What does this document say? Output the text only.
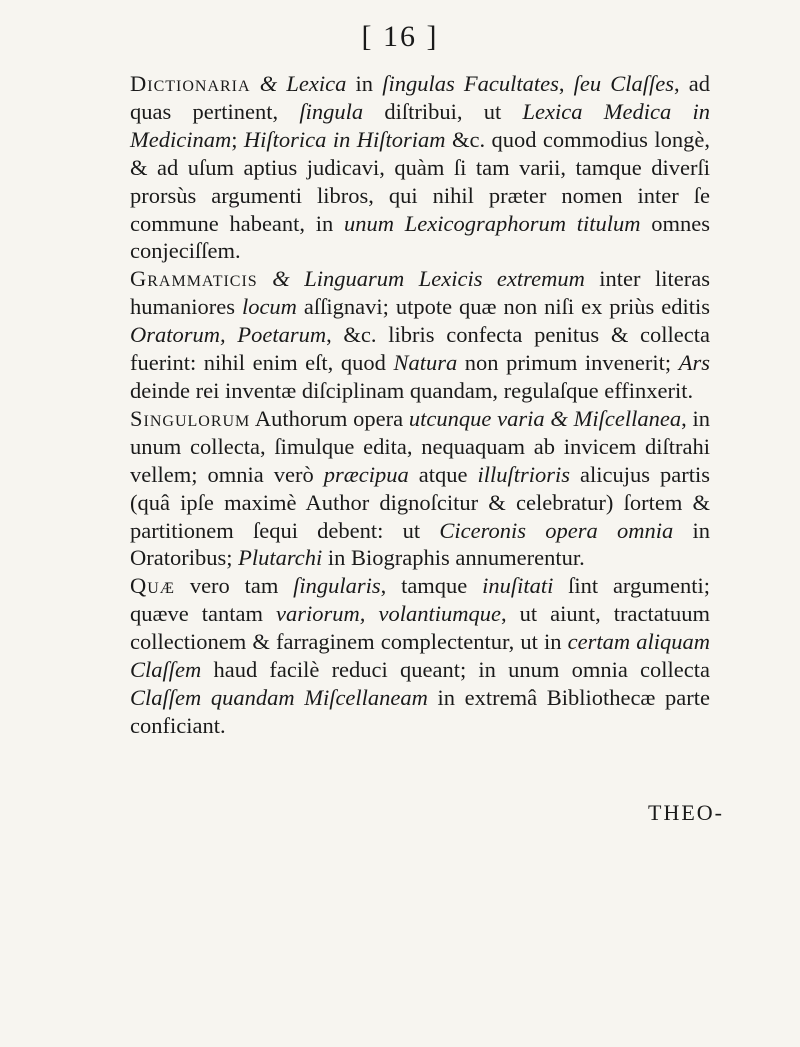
[ 16 ]

Dictionaria & Lexica in ſingulas Facultates, ſeu Claſſes, ad quas pertinent, ſingula diſtribui, ut Lexica Medica in Medicinam; Hiſtorica in Hiſtoriam &c. quod commodius longè, & ad uſum aptius judicavi, quàm ſi tam varii, tamque diverſi prorsùs argumenti libros, qui nihil præter nomen inter ſe commune habeant, in unum Lexicographorum titulum omnes conjeciſſem.

Grammaticis & Linguarum Lexicis extremum inter literas humaniores locum aſſignavi; utpote quæ non niſi ex priùs editis Oratorum, Poetarum, &c. libris confecta penitus & collecta fuerint: nihil enim eſt, quod Natura non primum invenerit; Ars deinde rei inventæ diſciplinam quandam, regulaſque effinxerit.

Singulorum Authorum opera utcunque varia & Miſcellanea, in unum collecta, ſimulque edita, nequaquam ab invicem diſtrahi vellem; omnia verò præcipua atque illuſtrioris alicujus partis (quâ ipſe maximè Author dignoſcitur & celebratur) ſortem & partitionem ſequi debent: ut Ciceronis opera omnia in Oratoribus; Plutarchi in Biographis annumerentur.

Quæ vero tam ſingularis, tamque inuſitati ſint argumenti; quæve tantam variorum, volantiumque, ut aiunt, tractatuum collectionem & farraginem complectentur, ut in certam aliquam Claſſem haud facilè reduci queant; in unum omnia collecta Claſſem quandam Miſcellaneam in extremâ Bibliothecæ parte conficiant.

THEO-
